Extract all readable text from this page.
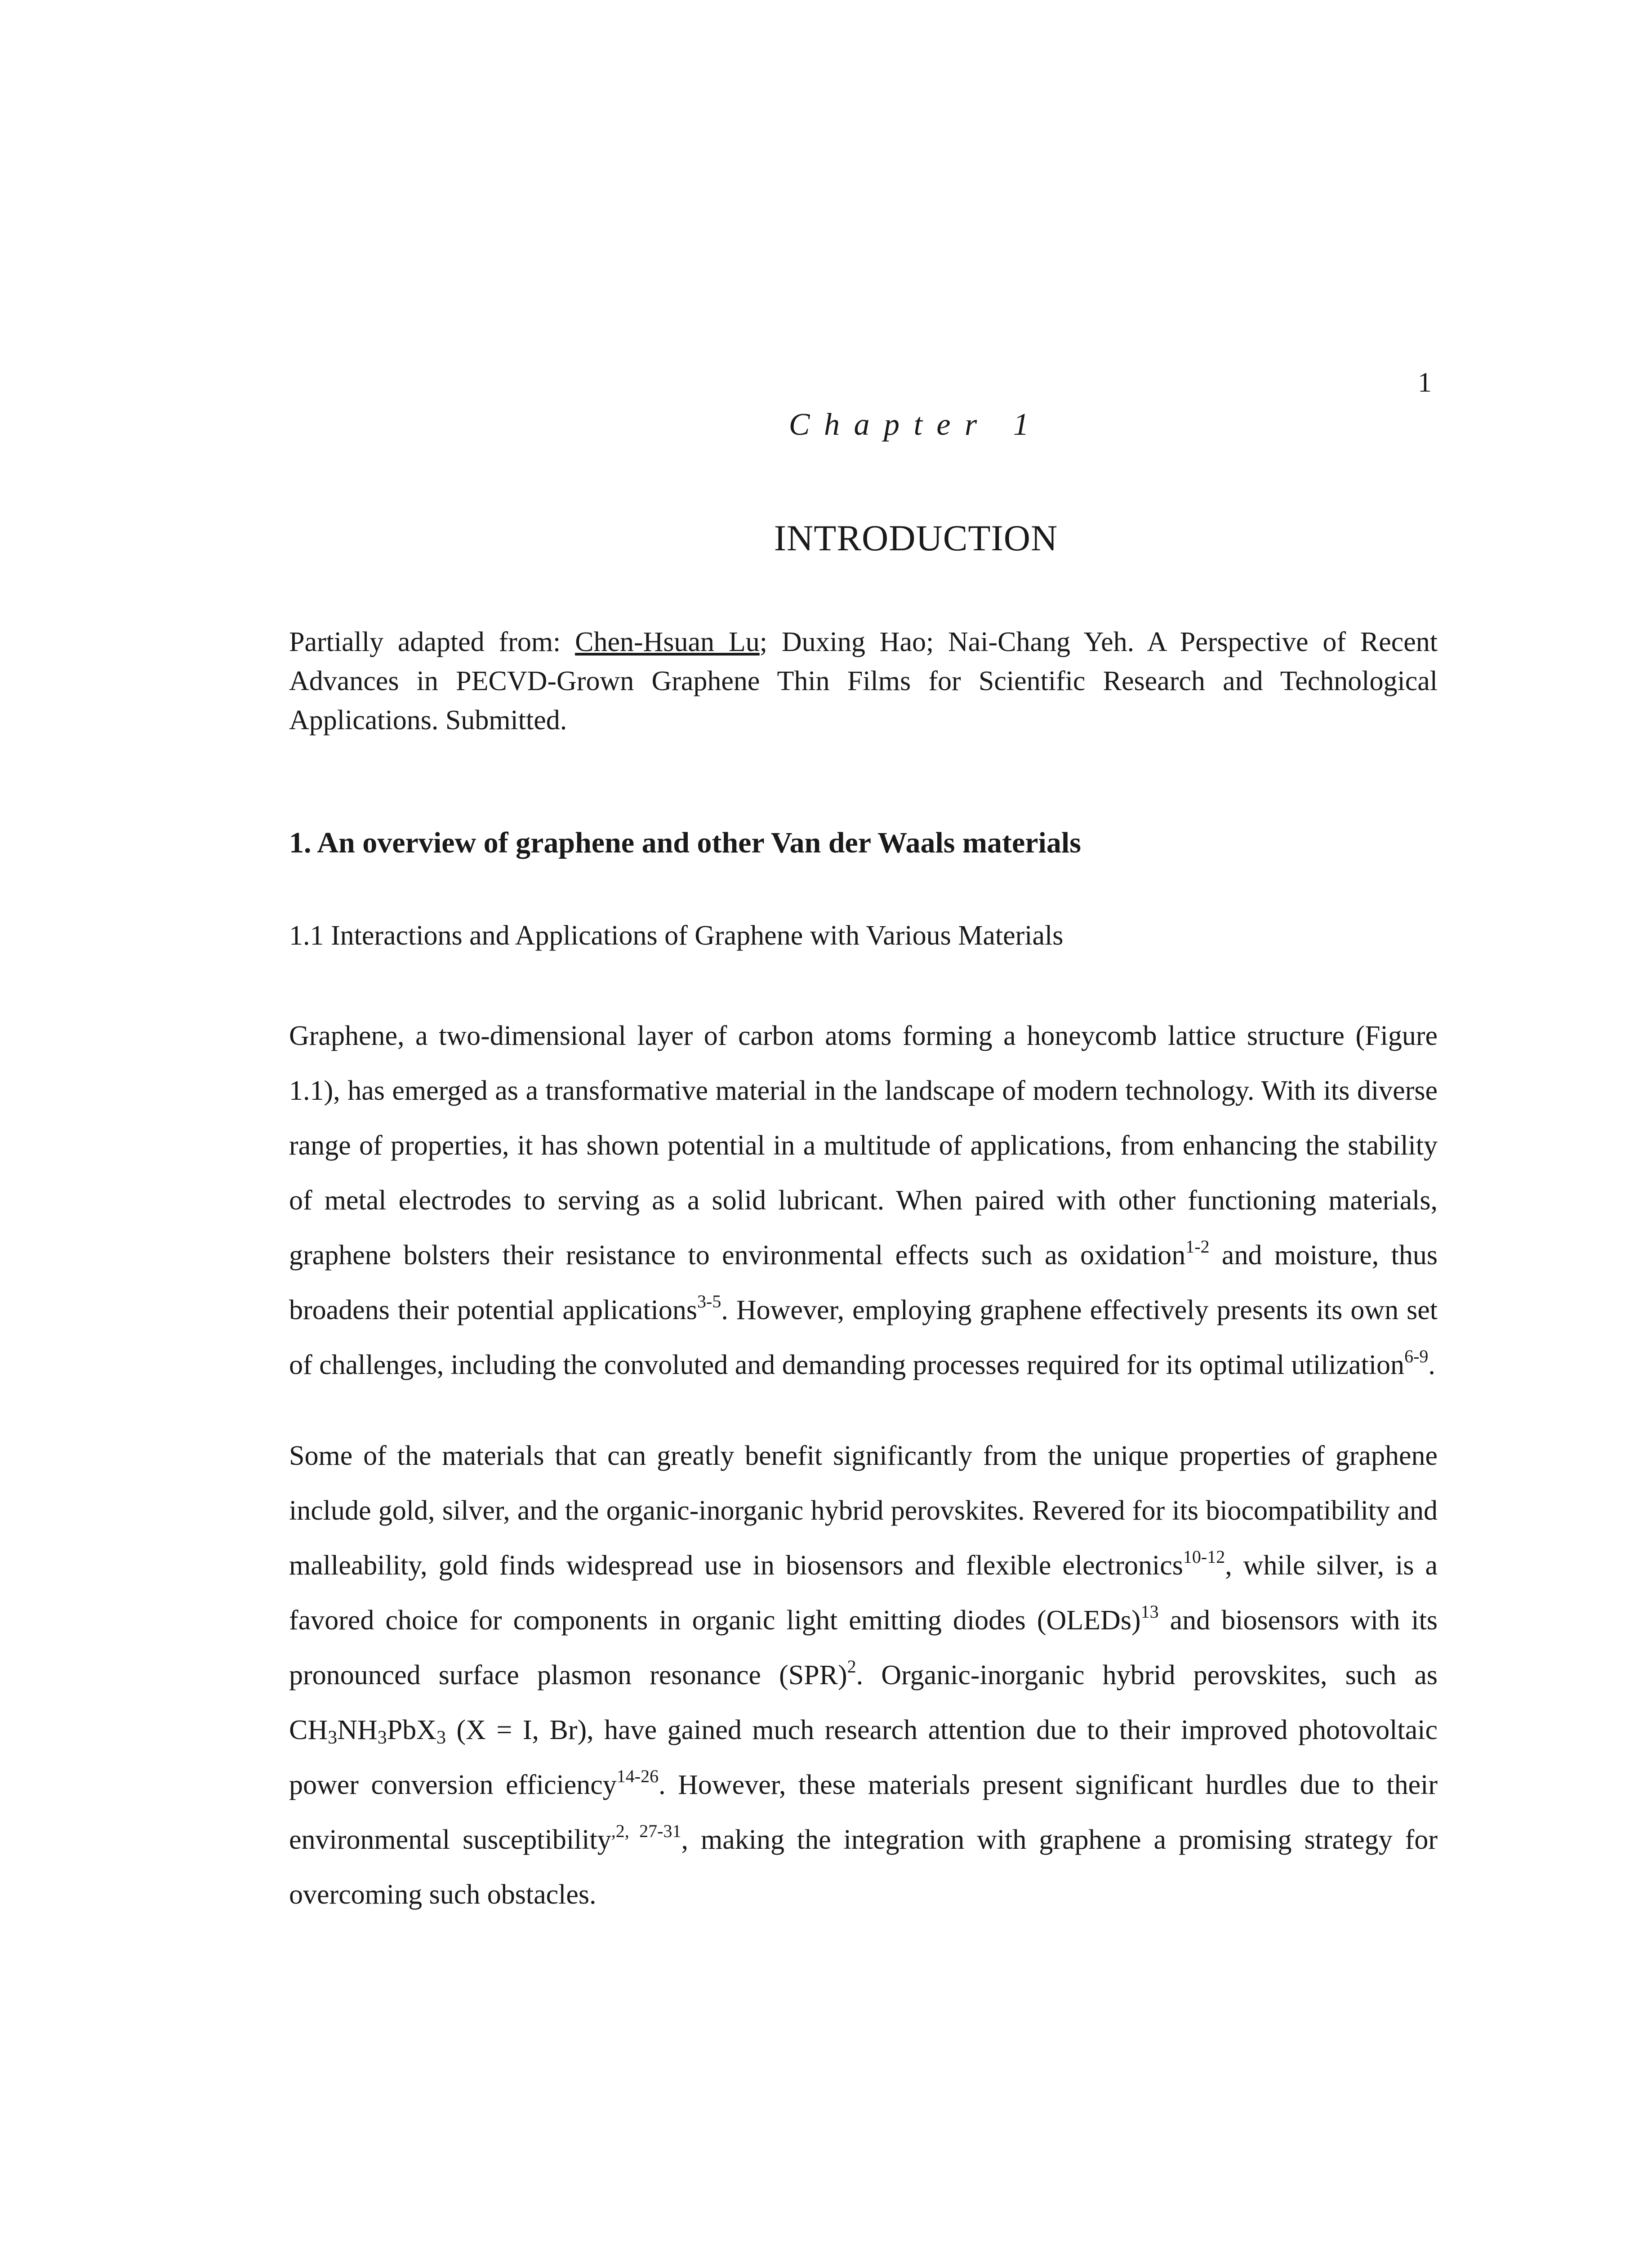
1
Chapter 1
INTRODUCTION

Partially adapted from: Chen-Hsuan Lu; Duxing Hao; Nai-Chang Yeh. A Perspective of Recent Advances in PECVD-Grown Graphene Thin Films for Scientific Research and Technological Applications. Submitted.

1. An overview of graphene and other Van der Waals materials
1.1 Interactions and Applications of Graphene with Various Materials

Graphene, a two-dimensional layer of carbon atoms forming a honeycomb lattice structure (Figure 1.1), has emerged as a transformative material in the landscape of modern technology. With its diverse range of properties, it has shown potential in a multitude of applications, from enhancing the stability of metal electrodes to serving as a solid lubricant. When paired with other functioning materials, graphene bolsters their resistance to environmental effects such as oxidation$^{1-2}$ and moisture, thus broadens their potential applications$^{3-5}$. However, employing graphene effectively presents its own set of challenges, including the convoluted and demanding processes required for its optimal utilization$^{6-9}$.

Some of the materials that can greatly benefit significantly from the unique properties of graphene include gold, silver, and the organic-inorganic hybrid perovskites. Revered for its biocompatibility and malleability, gold finds widespread use in biosensors and flexible electronics$^{10-12}$, while silver, is a favored choice for components in organic light emitting diodes (OLEDs)$^{13}$ and biosensors with its pronounced surface plasmon resonance (SPR)$^2$. Organic-inorganic hybrid perovskites, such as $CH_3NH_3PbX_3$ (X = I, Br), have gained much research attention due to their improved photovoltaic power conversion efficiency$^{14-26}$. However, these materials present significant hurdles due to their environmental susceptibility$^{,2, 27-31}$, making the integration with graphene a promising strategy for overcoming such obstacles.
